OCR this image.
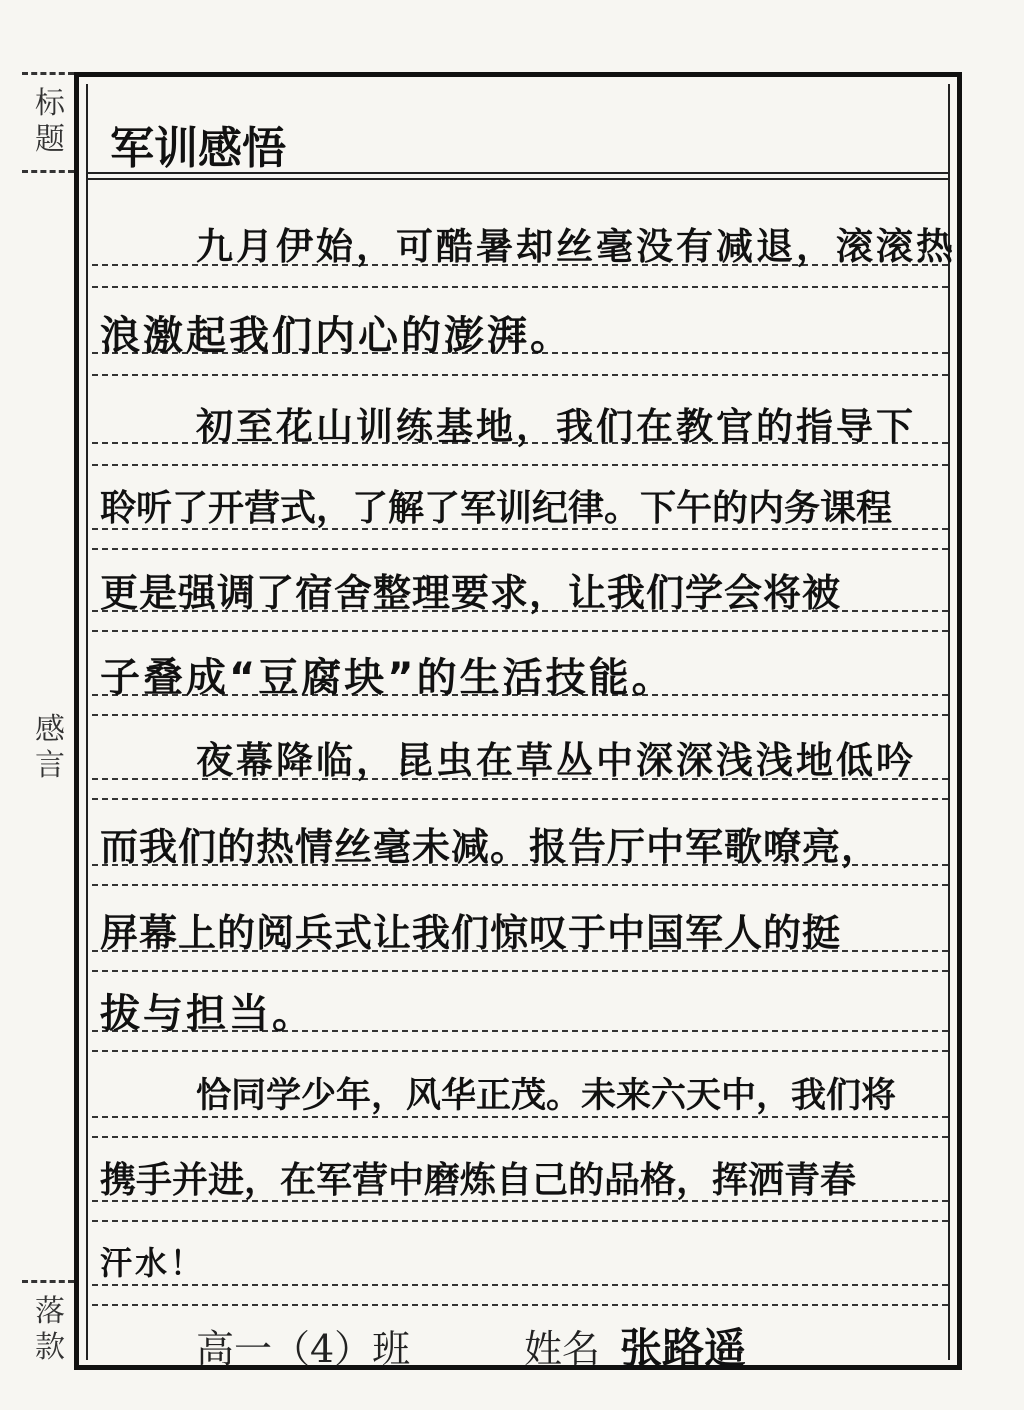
标题
感言
落款
军训感悟
九月伊始，可酷暑却丝毫没有减退，滚滚热
浪激起我们内心的澎湃。
初至花山训练基地，我们在教官的指导下
聆听了开营式，了解了军训纪律。下午的内务课程
更是强调了宿舍整理要求，让我们学会将被
子叠成“豆腐块”的生活技能。
夜幕降临，昆虫在草丛中深深浅浅地低吟
而我们的热情丝毫未减。报告厅中军歌嘹亮，
屏幕上的阅兵式让我们惊叹于中国军人的挺
拔与担当。
恰同学少年，风华正茂。未来六天中，我们将
携手并进，在军营中磨炼自己的品格，挥洒青春
汗水！
高一（4）班	姓名 张路遥
